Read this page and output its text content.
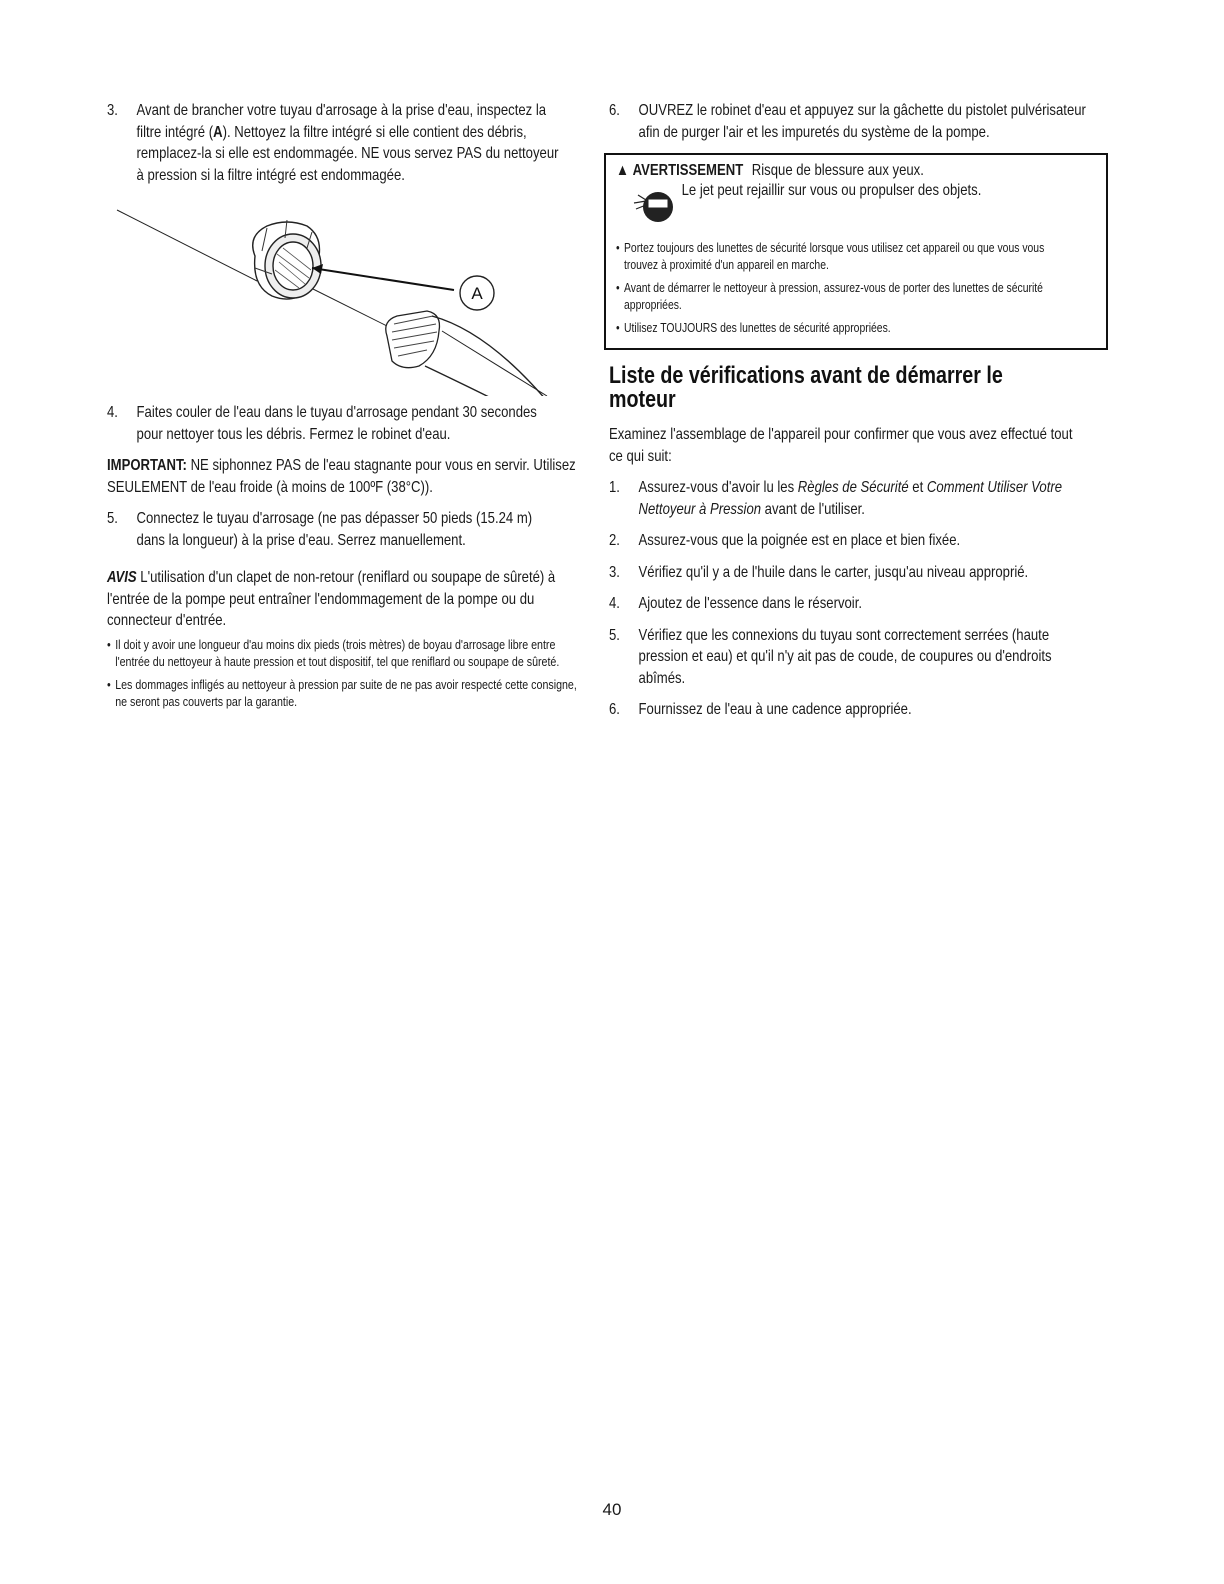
3.	Avant de brancher votre tuyau d'arrosage à la prise d'eau, inspectez la filtre intégré (A). Nettoyez la filtre intégré si elle contient des débris, remplacez-la si elle est endommagée. NE vous servez PAS du nettoyeur à pression si la filtre intégré est endommagée.
A
4.	Faites couler de l'eau dans le tuyau d'arrosage pendant 30 secondes pour nettoyer tous les débris. Fermez le robinet d'eau.
IMPORTANT: NE siphonnez PAS de l'eau stagnante pour vous en servir. Utilisez SEULEMENT de l'eau froide (à moins de 100ºF (38°C)).
5.	Connectez le tuyau d'arrosage (ne pas dépasser 50 pieds (15.24 m) dans la longueur) à la prise d'eau. Serrez manuellement.
AVIS L'utilisation d'un clapet de non-retour (reniflard ou soupape de sûreté) à l'entrée de la pompe peut entraîner l'endommagement de la pompe ou du connecteur d'entrée.
• Il doit y avoir une longueur d'au moins dix pieds (trois mètres) de boyau d'arrosage libre entre l'entrée du nettoyeur à haute pression et tout dispositif, tel que reniflard ou soupape de sûreté.
• Les dommages infligés au nettoyeur à pression par suite de ne pas avoir respecté cette consigne, ne seront pas couverts par la garantie.
6.	OUVREZ le robinet d'eau et appuyez sur la gâchette du pistolet pulvérisateur afin de purger l'air et les impuretés du système de la pompe.
▲ AVERTISSEMENT Risque de blessure aux yeux.
Le jet peut rejaillir sur vous ou propulser des objets.
• Portez toujours des lunettes de sécurité lorsque vous utilisez cet appareil ou que vous vous trouvez à proximité d'un appareil en marche.
• Avant de démarrer le nettoyeur à pression, assurez-vous de porter des lunettes de sécurité appropriées.
• Utilisez TOUJOURS des lunettes de sécurité appropriées.
Liste de vérifications avant de démarrer le moteur
Examinez l'assemblage de l'appareil pour confirmer que vous avez effectué tout ce qui suit:
1.	Assurez-vous d'avoir lu les Règles de Sécurité et Comment Utiliser Votre Nettoyeur à Pression avant de l'utiliser.
2.	Assurez-vous que la poignée est en place et bien fixée.
3.	Vérifiez qu'il y a de l'huile dans le carter, jusqu'au niveau approprié.
4.	Ajoutez de l'essence dans le réservoir.
5.	Vérifiez que les connexions du tuyau sont correctement serrées (haute pression et eau) et qu'il n'y ait pas de coude, de coupures ou d'endroits abîmés.
6.	Fournissez de l'eau à une cadence appropriée.
40
